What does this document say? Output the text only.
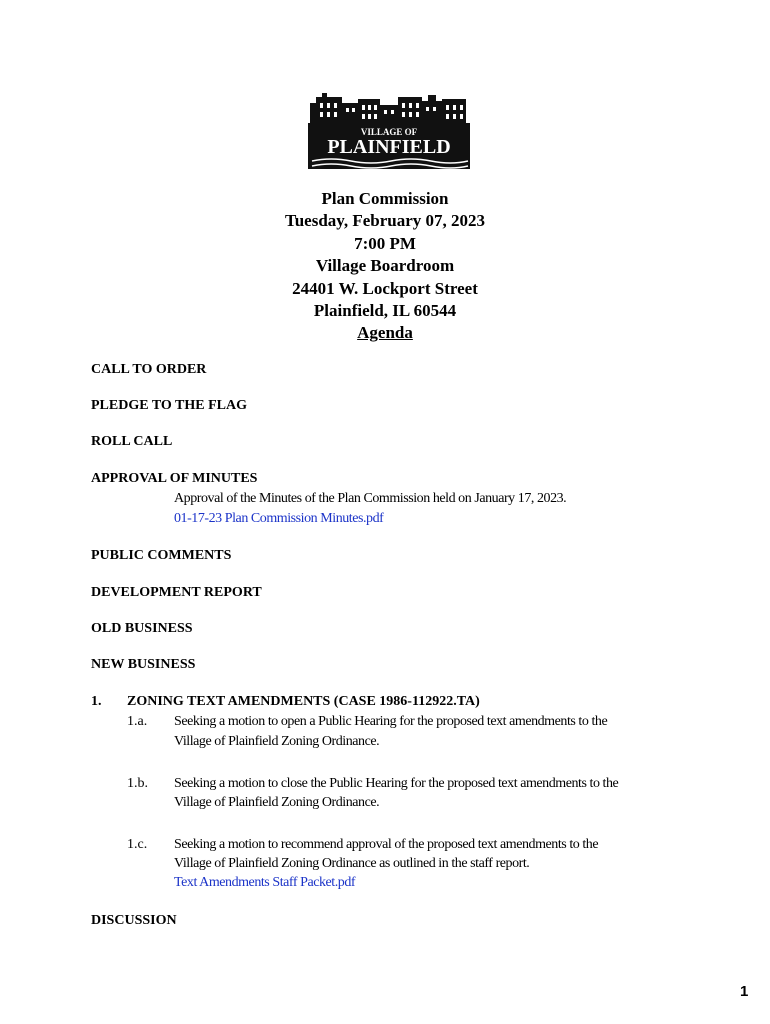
VILLAGE OF
PLAINFIELD
Plan Commission
Tuesday, February 07, 2023
7:00 PM
Village Boardroom
24401 W. Lockport Street
Plainfield, IL 60544
Agenda
CALL TO ORDER
PLEDGE TO THE FLAG
ROLL CALL
APPROVAL OF MINUTES
Approval of the Minutes of the Plan Commission held on January 17, 2023.
01-17-23 Plan Commission Minutes.pdf
PUBLIC COMMENTS
DEVELOPMENT REPORT
OLD BUSINESS
NEW BUSINESS
1. ZONING TEXT AMENDMENTS (CASE 1986-112922.TA)
1.a. Seeking a motion to open a Public Hearing for the proposed text amendments to the
Village of Plainfield Zoning Ordinance.
1.b. Seeking a motion to close the Public Hearing for the proposed text amendments to the
Village of Plainfield Zoning Ordinance.
1.c. Seeking a motion to recommend approval of the proposed text amendments to the
Village of Plainfield Zoning Ordinance as outlined in the staff report.
Text Amendments Staff Packet.pdf
DISCUSSION
1
